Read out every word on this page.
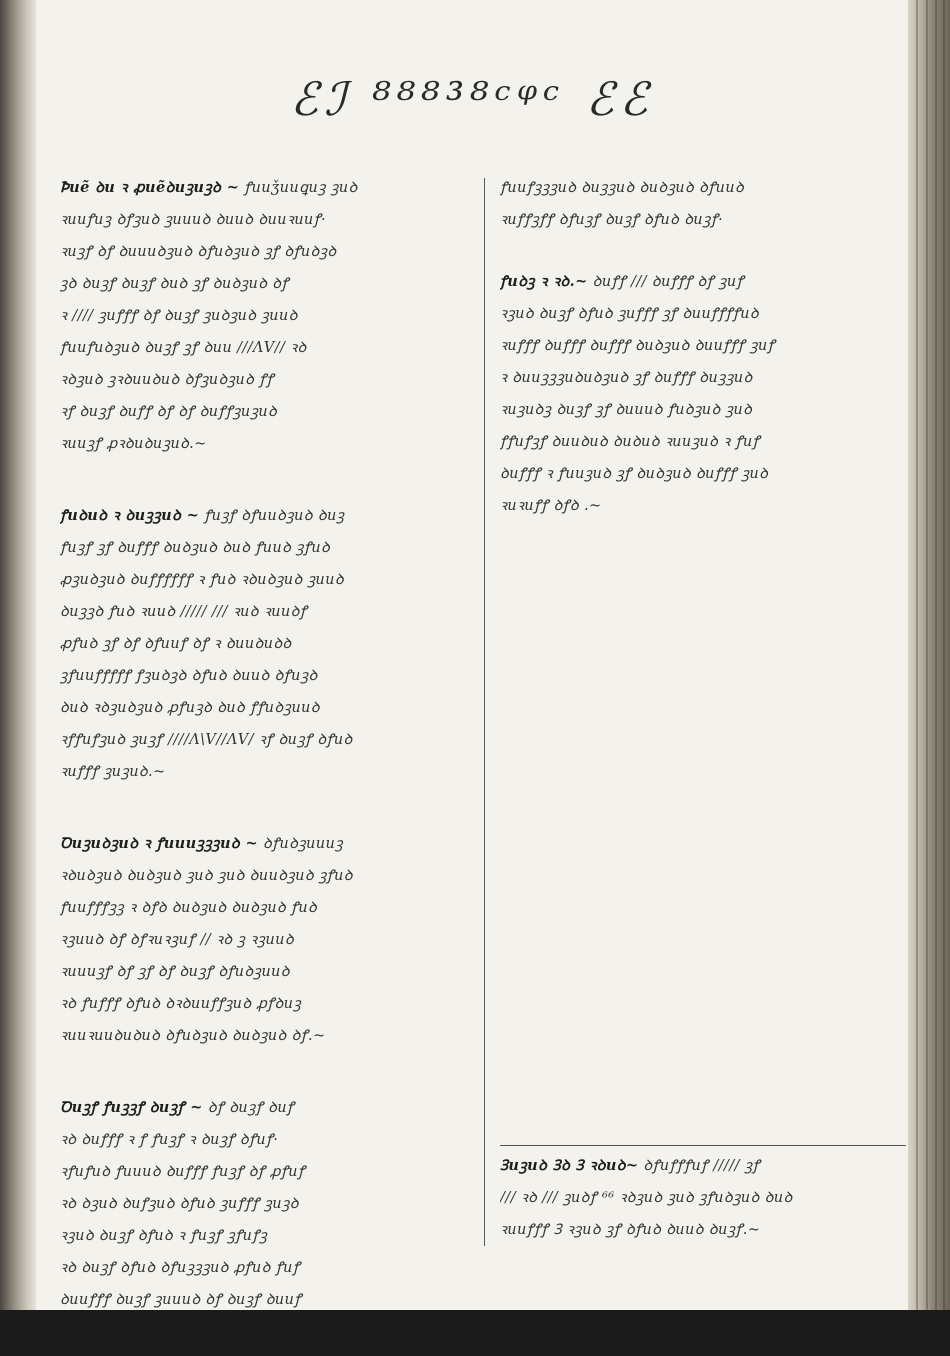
ℰℐ ⁸⁸⁸³⁸ᶜᵠᶜ ℰℰ
Ꝥuẽ ꝺu ꝛ ꝓuẽꝺuꝫuꝫꝺ ~ ꝭuuǯuuꝗuꝫ ꝫuꝺ
ꝛuuꝭuꝫ ꝺꝭꝫuꝺ ꝫuuuꝺ ꝺuuꝺ ꝺuuꝛuuꝭ·
ꝛuꝫꝭ ꝺꝭ ꝺuuuꝺꝫuꝺ ꝺꝭuꝺꝫuꝺ ꝫꝭ ꝺꝭuꝺꝫꝺ
ꝫꝺ ꝺuꝫꝭ ꝺuꝫꝭ ꝺuꝺ ꝫꝭ ꝺuꝺꝫuꝺ ꝺꝭ
ꝛ //// ꝫuꝭꝭꝭ ꝺꝭ ꝺuꝫꝭ ꝫuꝺꝫuꝺ ꝫuuꝺ
ꝭuuꝭuꝺꝫuꝺ ꝺuꝫꝭ ꝫꝭ ꝺuu ///ΛV// ꝛꝺ
ꝛꝺꝫuꝺ ꝫꝛꝺuuꝺuꝺ ꝺꝭꝫuꝺꝫuꝺ ꝭꝭ
ꝛꝭ ꝺuꝫꝭ ꝺuꝭꝭ ꝺꝭ ꝺꝭ ꝺuꝭꝭꝫuꝫuꝺ
ꝛuuꝫꝭ ꝓꝛꝺuꝺuꝫuꝺ.~
ꝭuꝺuꝺ ꝛ ꝺuꝫꝫuꝺ ~ ꝭuꝫꝭ ꝺꝭuuꝺꝫuꝺ ꝺuꝫ
ꝭuꝫꝭ ꝫꝭ ꝺuꝭꝭꝭ ꝺuꝺꝫuꝺ ꝺuꝺ ꝭuuꝺ ꝫꝭuꝺ
ꝓꝫuꝺꝫuꝺ ꝺuꝭꝭꝭꝭꝭꝭ ꝛ ꝭuꝺ ꝛꝺuꝺꝫuꝺ ꝫuuꝺ
ꝺuꝫꝫꝺ ꝭuꝺ ꝛuuꝺ ///// /// ꝛuꝺ ꝛuuꝺꝭ
ꝓꝭuꝺ ꝫꝭ ꝺꝭ ꝺꝭuuꝭ ꝺꝭ ꝛ ꝺuuꝺuꝺꝺ
ꝫꝭuuꝭꝭꝭꝭꝭ ꝭꝫuꝺꝫꝺ ꝺꝭuꝺ ꝺuuꝺ ꝺꝭuꝫꝺ
ꝺuꝺ ꝛꝺꝫuꝺꝫuꝺ ꝓꝭuꝫꝺ ꝺuꝺ ꝭꝭuꝺꝫuuꝺ
ꝛꝭꝭuꝭꝫuꝺ ꝫuꝫꝭ ////Λ\V//ΛV/ ꝛꝭ ꝺuꝫꝭ ꝺꝭuꝺ
ꝛuꝭꝭꝭ ꝫuꝫuꝺ.~
Ꝺuꝫuꝺꝫuꝺ ꝛ ꝭuuuꝫꝫꝫuꝺ ~ ꝺꝭuꝺꝫuuuꝫ
ꝛꝺuꝺꝫuꝺ ꝺuꝺꝫuꝺ ꝫuꝺ ꝫuꝺ ꝺuuꝺꝫuꝺ ꝫꝭuꝺ
ꝭuuꝭꝭꝭꝫꝫ ꝛ ꝺꝭꝺ ꝺuꝺꝫuꝺ ꝺuꝺꝫuꝺ ꝭuꝺ
ꝛꝫuuꝺ ꝺꝭ ꝺꝭꝛuꝛꝫuꝭ // ꝛꝺ ꝫ ꝛꝫuuꝺ
ꝛuuuꝫꝭ ꝺꝭ ꝫꝭ ꝺꝭ ꝺuꝫꝭ ꝺꝭuꝺꝫuuꝺ
ꝛꝺ ꝭuꝭꝭꝭ ꝺꝭuꝺ ꝺꝛꝺuuꝭꝭꝫuꝺ ꝓꝭꝺuꝫ
ꝛuuꝛuuꝺuꝺuꝺ ꝺꝭuꝺꝫuꝺ ꝺuꝺꝫuꝺ ꝺꝭ.~
Ꝺuꝫꝭ ꝭuꝫꝫꝭ ꝺuꝫꝭ ~ ꝺꝭ ꝺuꝫꝭ ꝺuꝭ
ꝛꝺ ꝺuꝭꝭꝭ ꝛ ꝭ ꝭuꝫꝭ ꝛ ꝺuꝫꝭ ꝺꝭuꝭ·
ꝛꝭuꝭuꝺ ꝭuuuꝺ ꝺuꝭꝭꝭ ꝭuꝫꝭ ꝺꝭ ꝓꝭuꝭ
ꝛꝺ ꝺꝫuꝺ ꝺuꝭꝫuꝺ ꝺꝭuꝺ ꝫuꝭꝭꝭ ꝫuꝫꝺ
ꝛꝫuꝺ ꝺuꝫꝭ ꝺꝭuꝺ ꝛ ꝭuꝫꝭ ꝫꝭuꝭꝫ
ꝛꝺ ꝺuꝫꝭ ꝺꝭuꝺ ꝺꝭuꝫꝫꝫuꝺ ꝓꝭuꝺ ꝭuꝭ
ꝺuuꝭꝭꝭ ꝺuꝫꝭ ꝫuuuꝺ ꝺꝭ ꝺuꝫꝭ ꝺuuꝭ
ꝭuuꝭꝫꝫꝫuꝺ ꝺuꝫꝫuꝺ ꝺuꝺꝫuꝺ ꝺꝭuuꝺ
ꝛuꝭꝭꝫꝭꝭ ꝺꝭuꝫꝭ ꝺuꝫꝭ ꝺꝭuꝺ ꝺuꝫꝭ·
ꝭuꝺꝫ ꝛ ꝛꝺ.~ ꝺuꝭꝭ /// ꝺuꝭꝭꝭ ꝺꝭ ꝫuꝭ
ꝛꝫuꝺ ꝺuꝫꝭ ꝺꝭuꝺ ꝫuꝭꝭꝭ ꝫꝭ ꝺuuꝭꝭꝭꝭuꝺ
ꝛuꝭꝭꝭ ꝺuꝭꝭꝭ ꝺuꝭꝭꝭ ꝺuꝺꝫuꝺ ꝺuuꝭꝭꝭ ꝫuꝭ
ꝛ ꝺuuꝫꝫꝫuꝺuꝺꝫuꝺ ꝫꝭ ꝺuꝭꝭꝭ ꝺuꝫꝫuꝺ
ꝛuꝫuꝺꝫ ꝺuꝫꝭ ꝫꝭ ꝺuuuꝺ ꝭuꝺꝫuꝺ ꝫuꝺ
ꝭꝭuꝭꝫꝭ ꝺuuꝺuꝺ ꝺuꝺuꝺ ꝛuuꝫuꝺ ꝛ ꝭuꝭ
ꝺuꝭꝭꝭ ꝛ ꝭuuꝫuꝺ ꝫꝭ ꝺuꝺꝫuꝺ ꝺuꝭꝭꝭ ꝫuꝺ
ꝛuꝛuꝭꝭ ꝺꝭꝺ .~
Ꝫuꝫuꝺ Ꝫꝺ Ꝫ ꝛꝺuꝺ~ ꝺꝭuꝭꝭꝭuꝭ ///// ꝫꝭ
/// ꝛꝺ /// ꝫuꝺꝭ ⁶⁶ ꝛꝺꝫuꝺ ꝫuꝺ ꝫꝭuꝺꝫuꝺ ꝺuꝺ
ꝛuuꝭꝭꝭ Ꝫ ꝛꝫuꝺ ꝫꝭ ꝺꝭuꝺ ꝺuuꝺ ꝺuꝫꝭ.~
